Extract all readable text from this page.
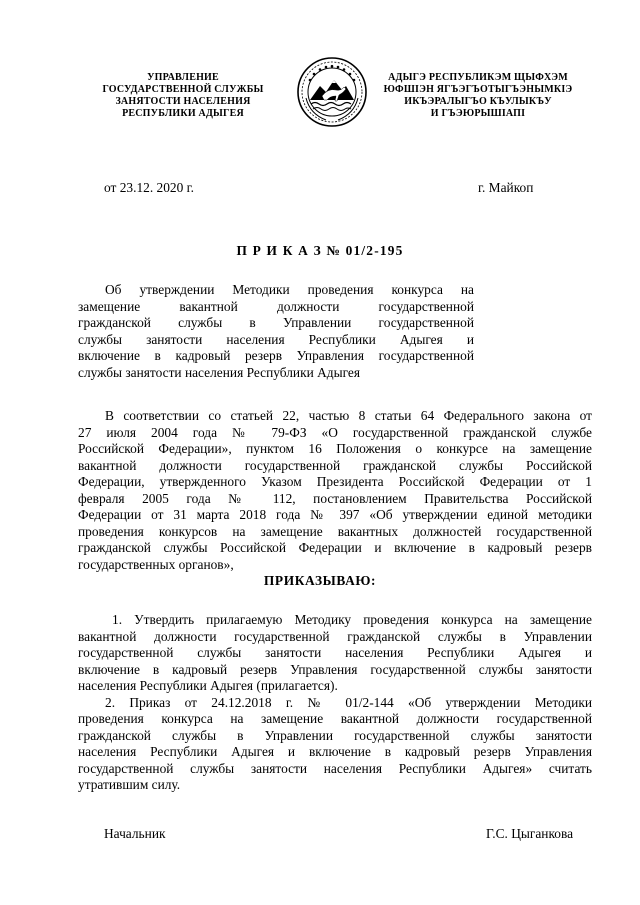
УПРАВЛЕНИЕ
ГОСУДАРСТВЕННОЙ СЛУЖБЫ
ЗАНЯТОСТИ НАСЕЛЕНИЯ
РЕСПУБЛИКИ АДЫГЕЯ
АДЫГЭ РЕСПУБЛИКЭМ ЩЫФХЭМ
ЮФШІЭН ЯГЪЭГЪОТЫГЪЭНЫМКІЭ
ИКЪЭРАЛЫГЪО КЪУЛЫКЪУ
И ГЪЭЮРЫШІАПІ
от 23.12. 2020 г.	г. Майкоп
П Р И К А З № 01/2-195
Об утверждении Методики проведения конкурса на
замещение вакантной должности государственной
гражданской службы в Управлении государственной
службы занятости населения Республики Адыгея и
включение в кадровый резерв Управления государственной
службы занятости населения Республики Адыгея
В соответствии со статьей 22, частью 8 статьи 64 Федерального закона от
27 июля 2004 года № 79-ФЗ «О государственной гражданской службе
Российской Федерации», пунктом 16 Положения о конкурсе на замещение
вакантной должности государственной гражданской службы Российской
Федерации, утвержденного Указом Президента Российской Федерации от 1
февраля 2005 года № 112, постановлением Правительства Российской
Федерации от 31 марта 2018 года № 397 «Об утверждении единой методики
проведения конкурсов на замещение вакантных должностей государственной
гражданской службы Российской Федерации и включение в кадровый резерв
государственных органов»,
ПРИКАЗЫВАЮ:
1. Утвердить прилагаемую Методику проведения конкурса на замещение
вакантной должности государственной гражданской службы в Управлении
государственной службы занятости населения Республики Адыгея и
включение в кадровый резерв Управления государственной службы занятости
населения Республики Адыгея (прилагается).
2. Приказ от 24.12.2018 г. № 01/2-144 «Об утверждении Методики
проведения конкурса на замещение вакантной должности государственной
гражданской службы в Управлении государственной службы занятости
населения Республики Адыгея и включение в кадровый резерв Управления
государственной службы занятости населения Республики Адыгея» считать
утратившим силу.
Начальник	Г.С. Цыганкова
